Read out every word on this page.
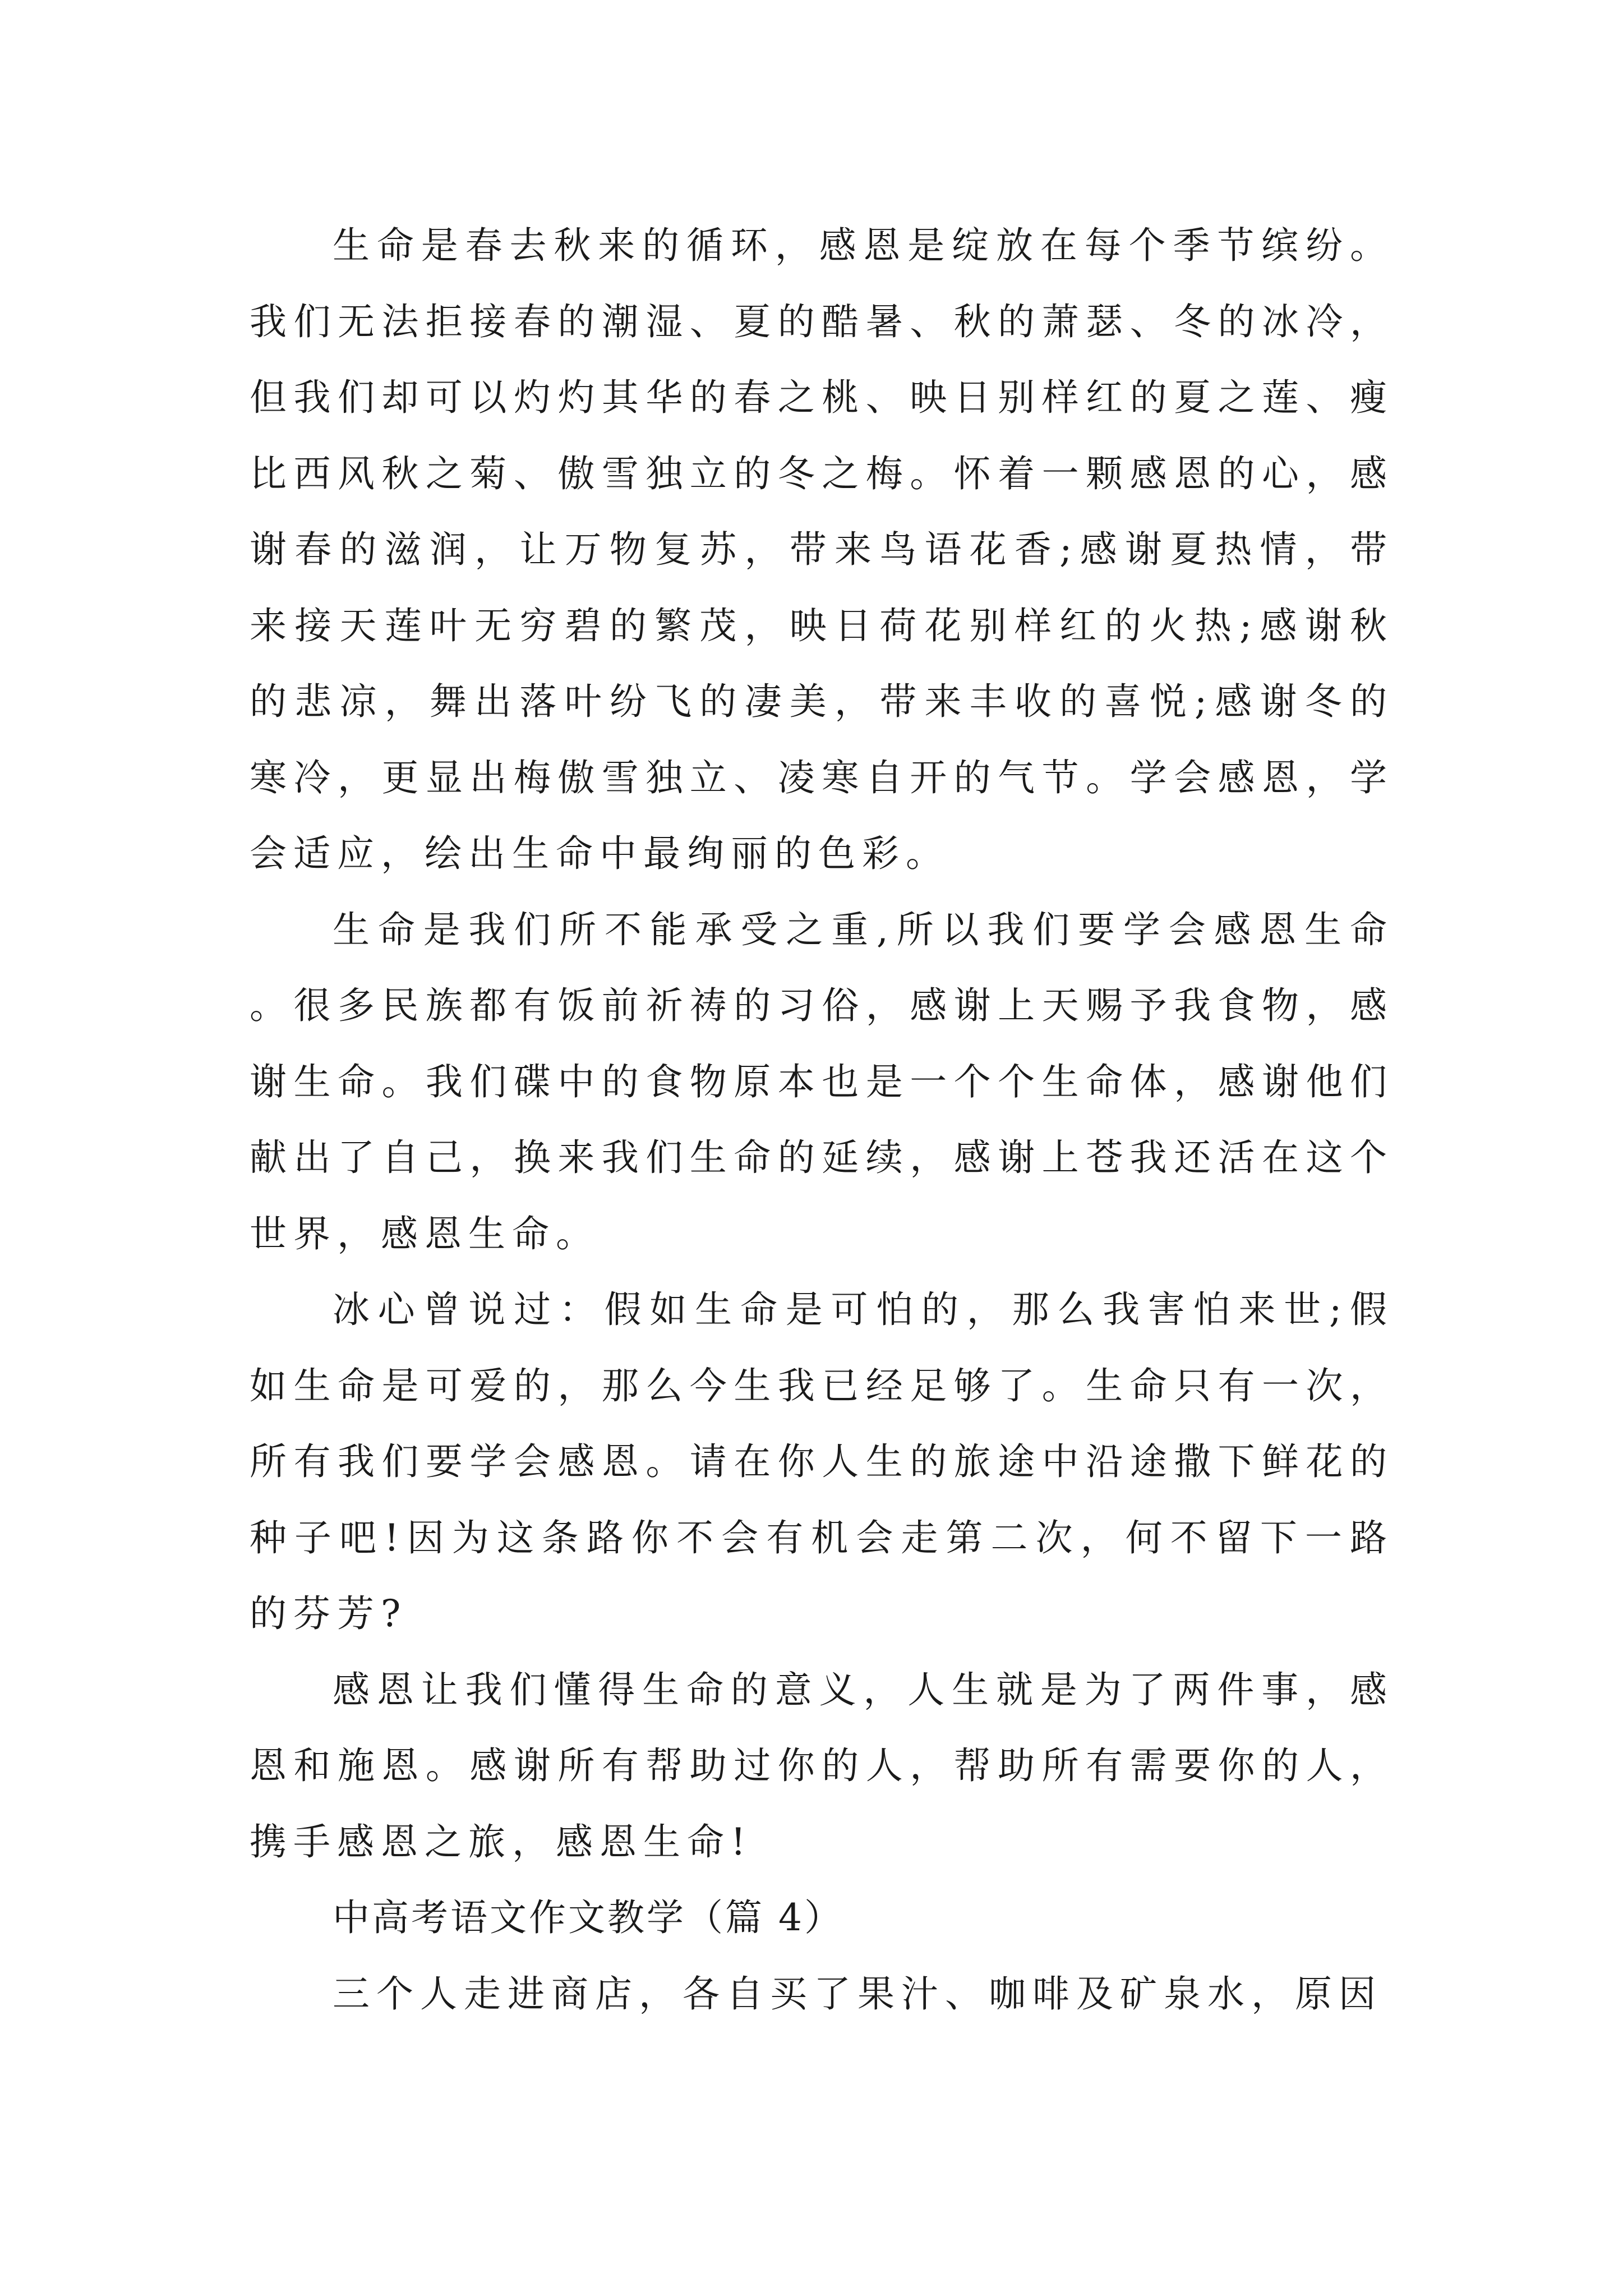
生命是春去秋来的循环，感恩是绽放在每个季节缤纷。我们无法拒接春的潮湿、夏的酷暑、秋的萧瑟、冬的冰冷，但我们却可以灼灼其华的春之桃、映日别样红的夏之莲、瘦比西风秋之菊、傲雪独立的冬之梅。怀着一颗感恩的心，感谢春的滋润，让万物复苏，带来鸟语花香;感谢夏热情，带来接天莲叶无穷碧的繁茂，映日荷花别样红的火热;感谢秋的悲凉，舞出落叶纷飞的凄美，带来丰收的喜悦;感谢冬的寒冷，更显出梅傲雪独立、凌寒自开的气节。学会感恩，学会适应，绘出生命中最绚丽的色彩。

生命是我们所不能承受之重,所以我们要学会感恩生命。很多民族都有饭前祈祷的习俗，感谢上天赐予我食物，感谢生命。我们碟中的食物原本也是一个个生命体，感谢他们献出了自己，换来我们生命的延续，感谢上苍我还活在这个世界，感恩生命。

冰心曾说过：假如生命是可怕的，那么我害怕来世;假如生命是可爱的，那么今生我已经足够了。生命只有一次，所有我们要学会感恩。请在你人生的旅途中沿途撒下鲜花的种子吧!因为这条路你不会有机会走第二次，何不留下一路的芬芳?

感恩让我们懂得生命的意义，人生就是为了两件事，感恩和施恩。感谢所有帮助过你的人，帮助所有需要你的人，携手感恩之旅，感恩生命!

中高考语文作文教学（篇 4）

三个人走进商店，各自买了果汁、咖啡及矿泉水，原因
